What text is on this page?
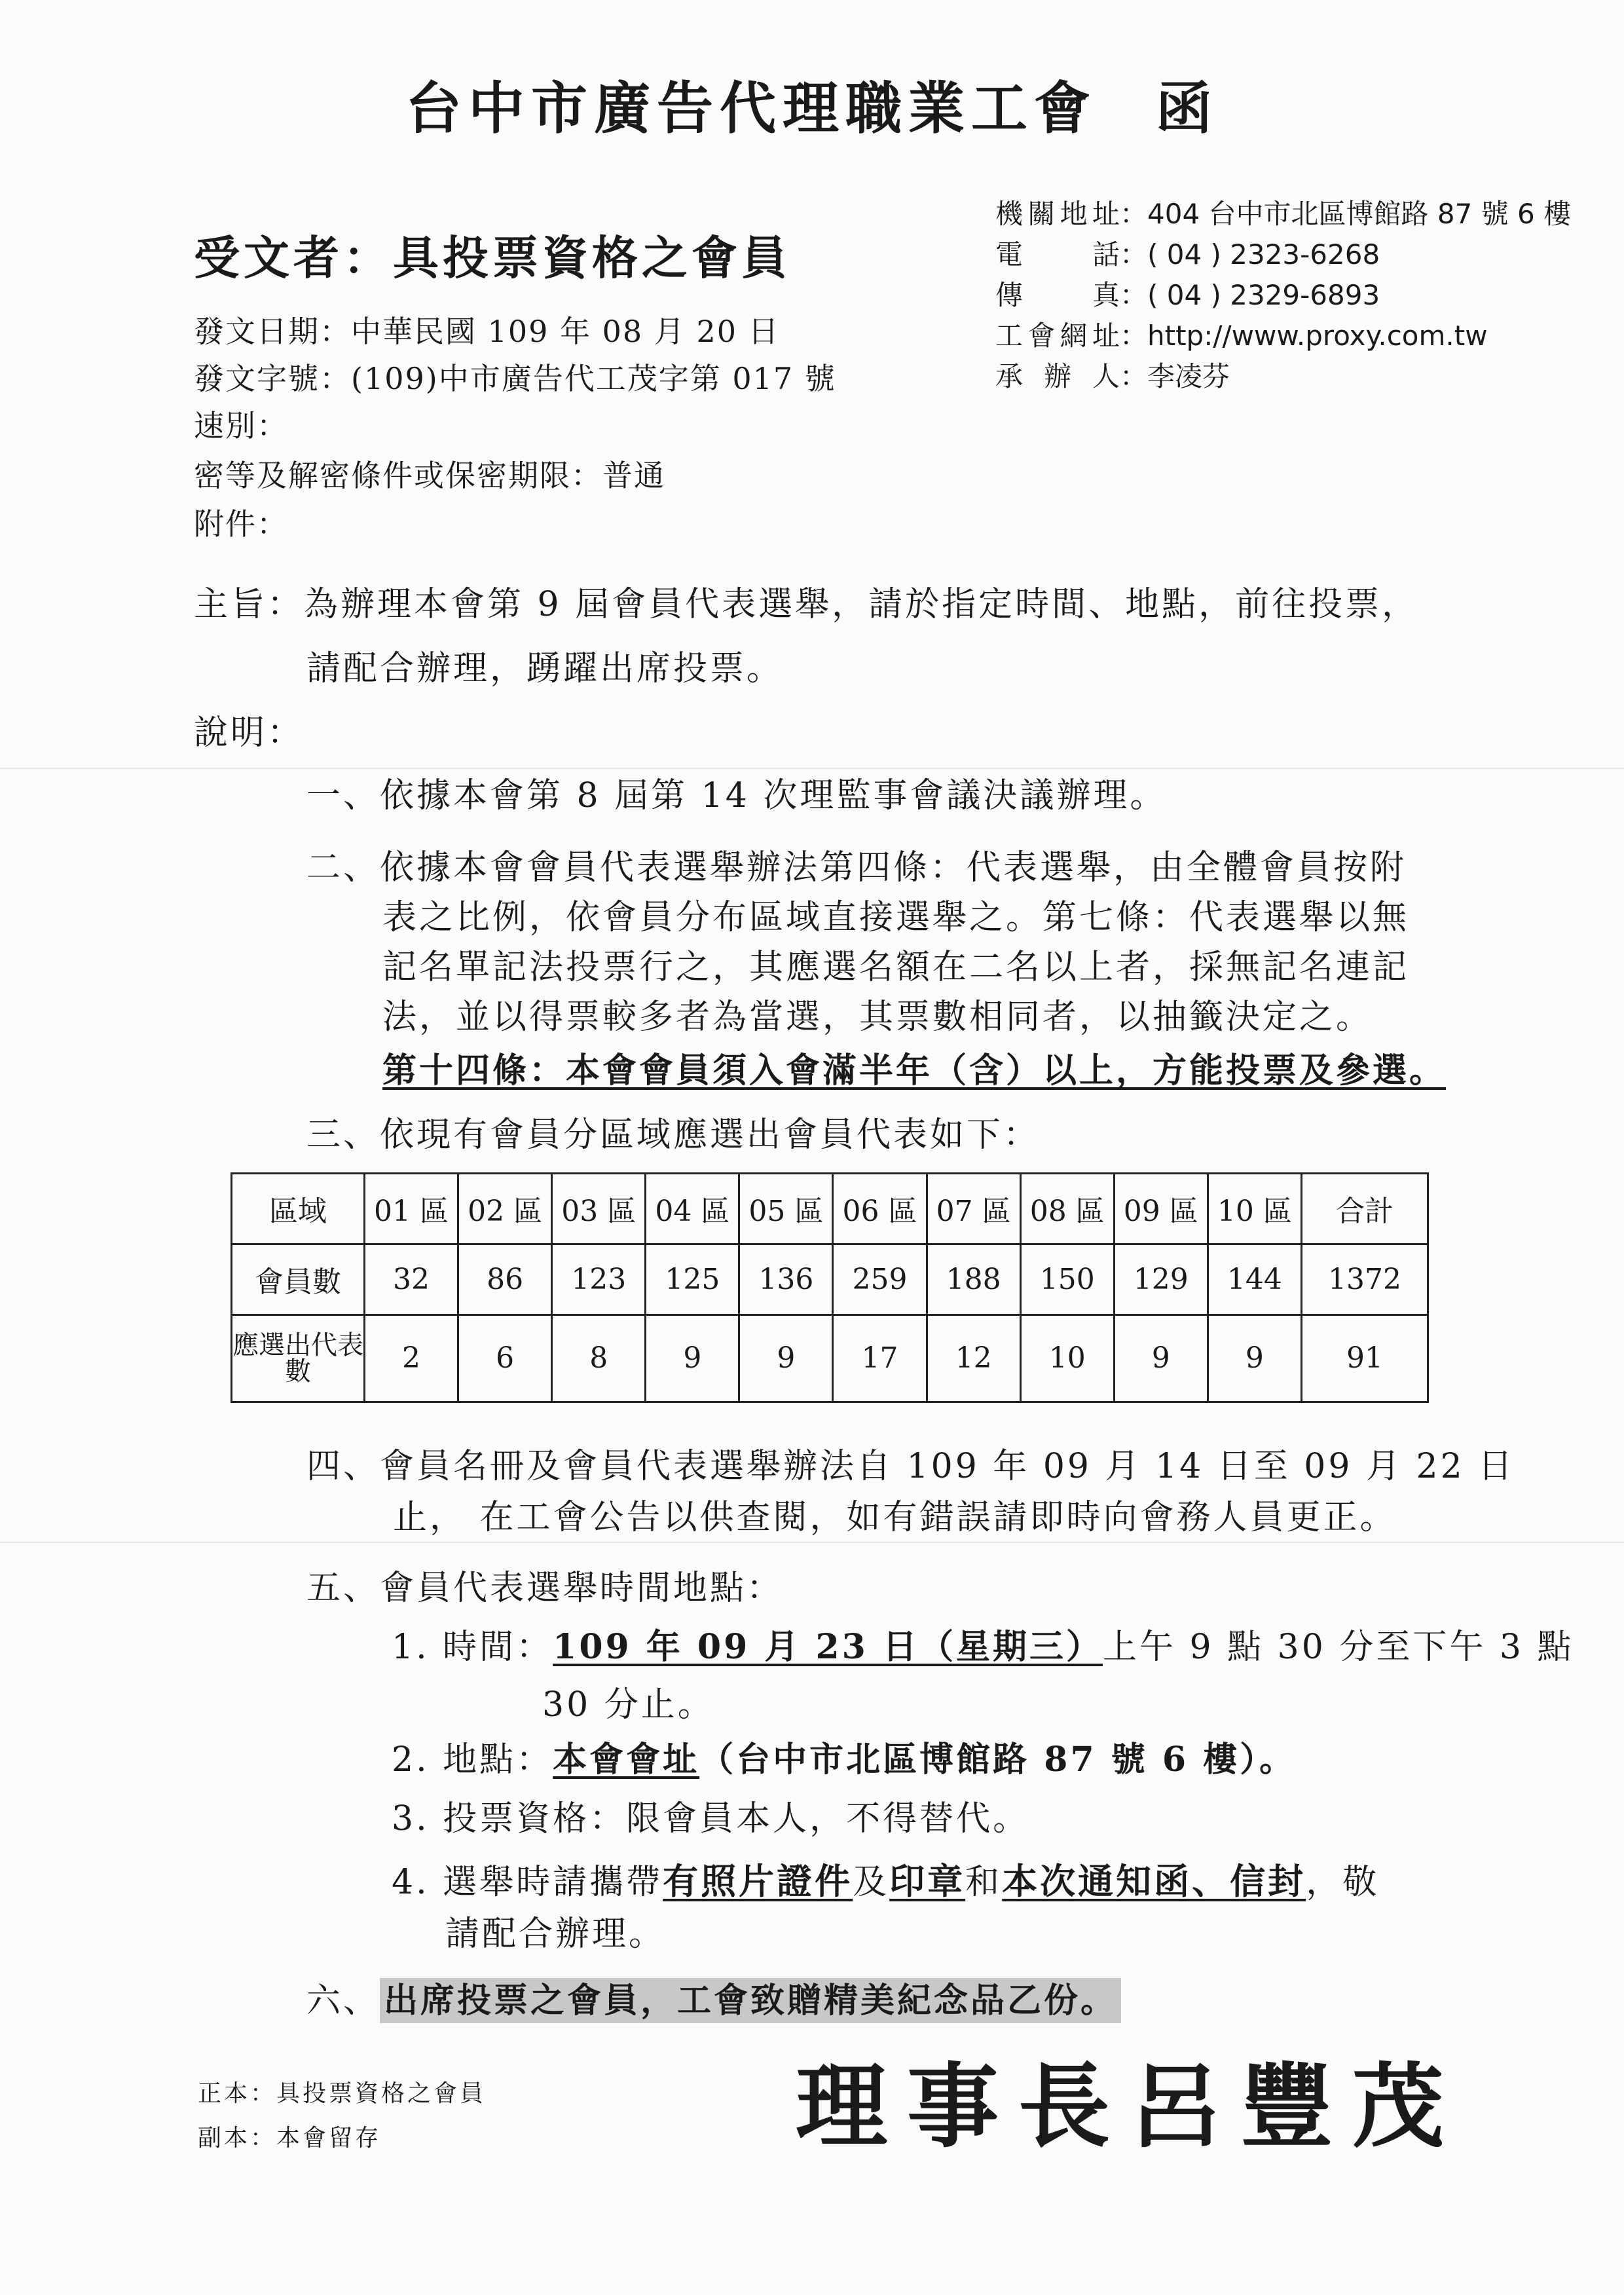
台中市廣告代理職業工會 函
受文者：具投票資格之會員
發文日期：中華民國 109 年 08 月 20 日
發文字號：(109)中市廣告代工茂字第 017 號
速別：
密等及解密條件或保密期限：普通
附件：
機關地址：404 台中市北區博館路 87 號 6 樓
電話：( 04 ) 2323-6268
傳真：( 04 ) 2329-6893
工會網址：http://www.proxy.com.tw
承辦人：李凌芬
主旨：為辦理本會第 9 屆會員代表選舉，請於指定時間、地點，前往投票，
請配合辦理，踴躍出席投票。
說明：
一、依據本會第 8 屆第 14 次理監事會議決議辦理。
二、依據本會會員代表選舉辦法第四條：代表選舉，由全體會員按附
表之比例，依會員分布區域直接選舉之。第七條：代表選舉以無
記名單記法投票行之，其應選名額在二名以上者，採無記名連記
法，並以得票較多者為當選，其票數相同者，以抽籤決定之。
第十四條：本會會員須入會滿半年（含）以上，方能投票及參選。
三、依現有會員分區域應選出會員代表如下：
區域	01 區	02 區	03 區	04 區	05 區	06 區	07 區	08 區	09 區	10 區	合計
會員數	32	86	123	125	136	259	188	150	129	144	1372
應選出代表數	2	6	8	9	9	17	12	10	9	9	91
四、會員名冊及會員代表選舉辦法自 109 年 09 月 14 日至 09 月 22 日
止， 在工會公告以供查閱，如有錯誤請即時向會務人員更正。
五、會員代表選舉時間地點：
1. 時間：109 年 09 月 23 日（星期三）上午 9 點 30 分至下午 3 點
30 分止。
2. 地點：本會會址（台中市北區博館路 87 號 6 樓）。
3. 投票資格：限會員本人，不得替代。
4. 選舉時請攜帶有照片證件及印章和本次通知函、信封，敬
請配合辦理。
六、 出席投票之會員，工會致贈精美紀念品乙份。
正本：具投票資格之會員
副本：本會留存	理事長呂豐茂
